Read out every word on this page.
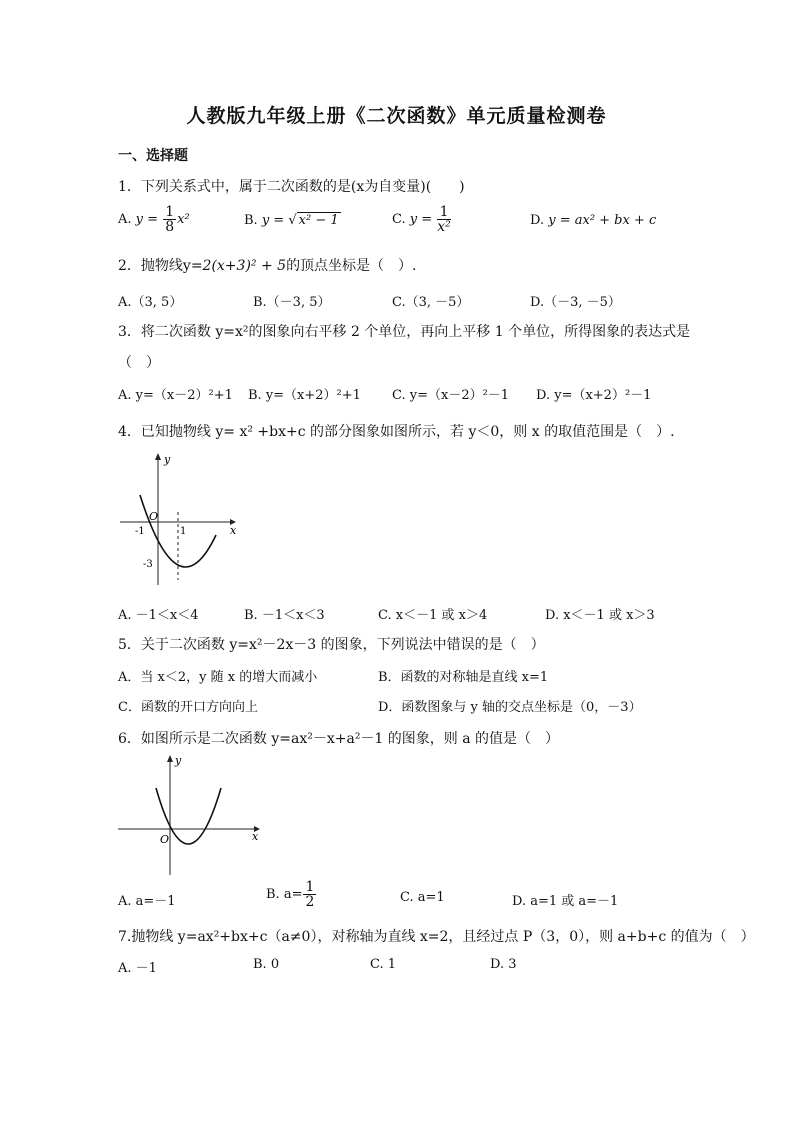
人教版九年级上册《二次函数》单元质量检测卷
一、选择题
1．下列关系式中，属于二次函数的是(x为自变量)(　　)
A. $y = \frac{1}{8} x^2$	B. y = √ x² − 1	C. $y = \frac{1}{\text{x²}}$	D. y = ax² + bx + c
2．抛物线y=2(x+3)² + 5的顶点坐标是（　）.
A.（3, 5）	B.（－3, 5）	C.（3, －5）	D.（－3, －5）
3．将二次函数 y=x²的图象向右平移 2 个单位，再向上平移 1 个单位，所得图象的表达式是
（　）
A. y=（x－2）²+1 B. y=（x+2）²+1 C. y=（x－2）²－1 D. y=（x+2）²－1
4．已知抛物线 y= x² +bx+c 的部分图象如图所示，若 y＜0，则 x 的取值范围是（　）.
y
x
O
-1	1
-3
A. －1＜x＜4	B. －1＜x＜3	C. x＜－1 或 x＞4	D. x＜－1 或 x＞3
5．关于二次函数 y=x²－2x－3 的图象，下列说法中错误的是（　）
A．当 x＜2，y 随 x 的增大而减小	B．函数的对称轴是直线 x=1
C．函数的开口方向向上	D．函数图象与 y 轴的交点坐标是（0，－3）
6．如图所示是二次函数 y=ax²－x+a²－1 的图象，则 a 的值是（　）
y
x
O
A. a=－1	B. $a= \frac{1}{2}$	C. a=1	D. a=1 或 a=－1
7.抛物线 y=ax²+bx+c（a≠0），对称轴为直线 x=2，且经过点 P（3，0），则 a+b+c 的值为（　）
A. －1	B. 0	C. 1	D. 3
